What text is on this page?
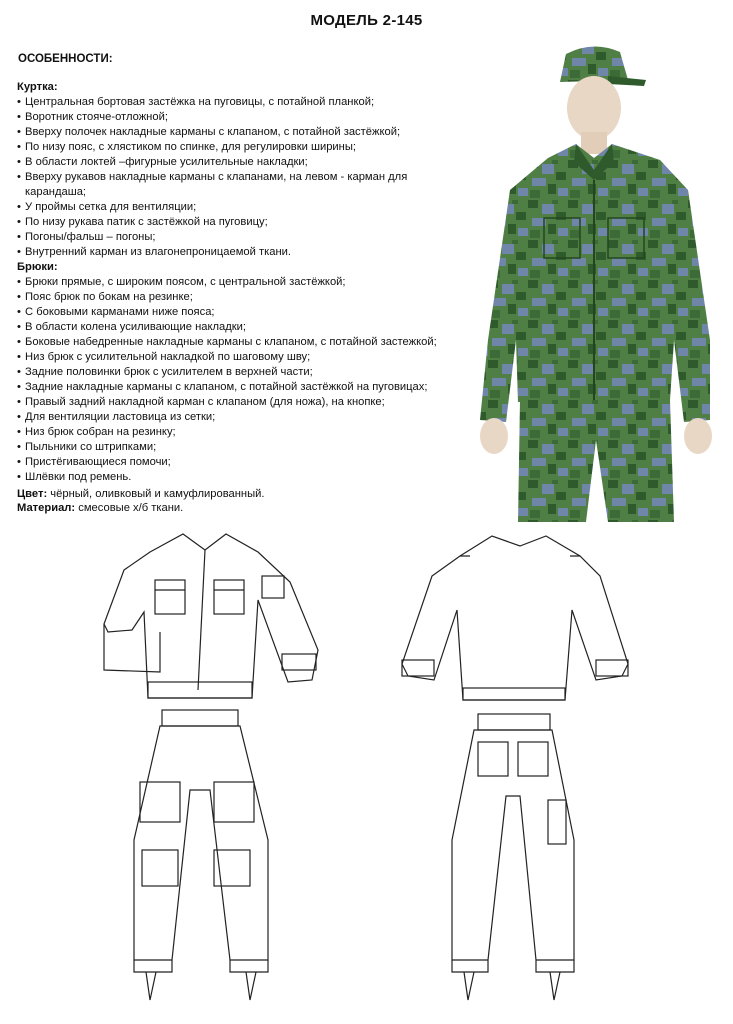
МОДЕЛЬ 2-145
ОСОБЕННОСТИ:
Куртка:
• Центральная бортовая застёжка на пуговицы, с потайной планкой;
• Воротник стояче-отложной;
• Вверху полочек накладные карманы с клапаном, с потайной застёжкой;
• По низу пояс, с хлястиком по спинке, для регулировки ширины;
• В области локтей –фигурные усилительные накладки;
• Вверху рукавов накладные карманы с клапанами, на левом - карман для карандаша;
• У проймы сетка для вентиляции;
• По низу рукава патик с застёжкой на пуговицу;
• Погоны/фальш – погоны;
• Внутренний карман из влагонепроницаемой ткани.
Брюки:
• Брюки прямые, с широким поясом, с центральной застёжкой;
• Пояс брюк по бокам на резинке;
• С боковыми карманами ниже пояса;
• В области колена усиливающие накладки;
• Боковые набедренные накладные карманы с клапаном, с потайной застежкой;
• Низ брюк с усилительной накладкой по шаговому шву;
• Задние половинки брюк с усилителем в верхней части;
• Задние накладные карманы с клапаном, с потайной застёжкой на пуговицах;
• Правый задний накладной карман с клапаном (для ножа), на кнопке;
• Для вентиляции ластовица из сетки;
• Низ брюк собран на резинку;
• Пыльники со штрипками;
• Пристёгивающиеся помочи;
• Шлёвки под ремень.
Цвет: чёрный, оливковый и камуфлированный.
Материал: смесовые х/б ткани.
